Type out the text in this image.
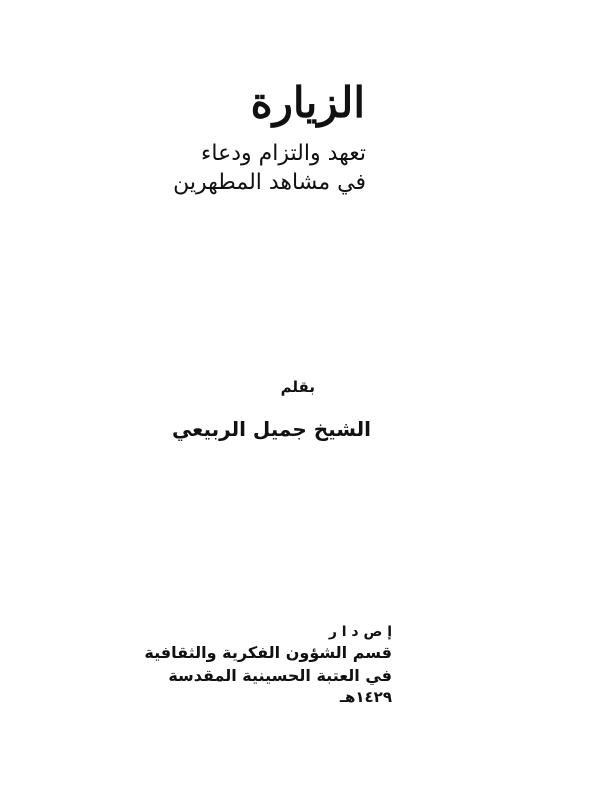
الزيارة
تعهد والتزام ودعاء
في مشاهد المطهرين
بقلم
الشيخ جميل الربيعي
إ ص د ا ر
قسم الشؤون الفكرية والثقافية
في العتبة الحسينية المقدسة
١٤٢٩هـ
